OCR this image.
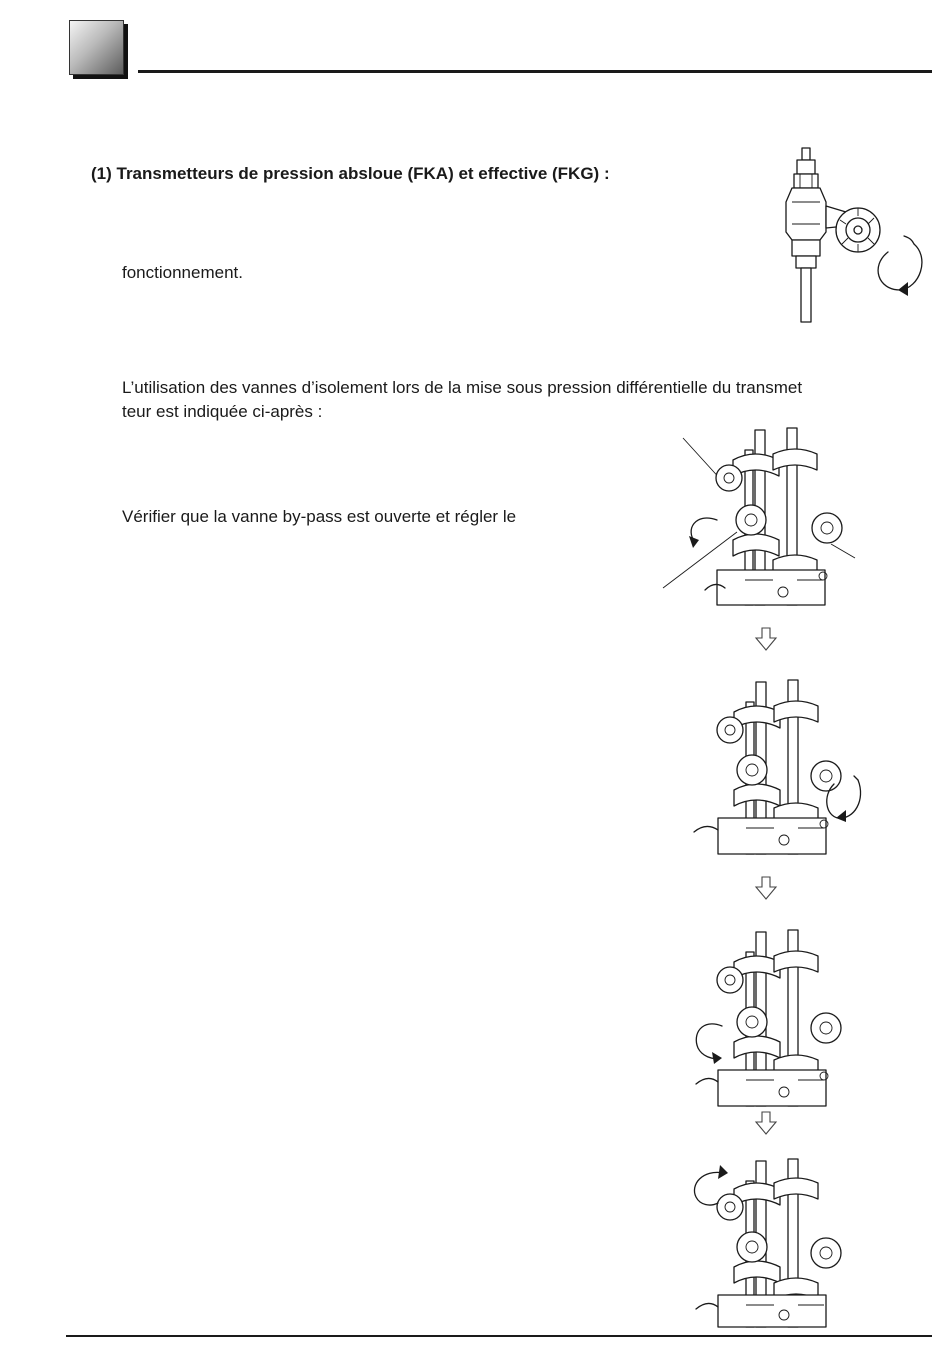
(1) Transmetteurs de pression absloue (FKA) et effective (FKG) :
fonctionnement.
L’utilisation des vannes d’isolement lors de la mise sous pression différentielle du transmet
teur est indiquée ci-après :
Vérifier que la vanne by-pass est ouverte et régler le
